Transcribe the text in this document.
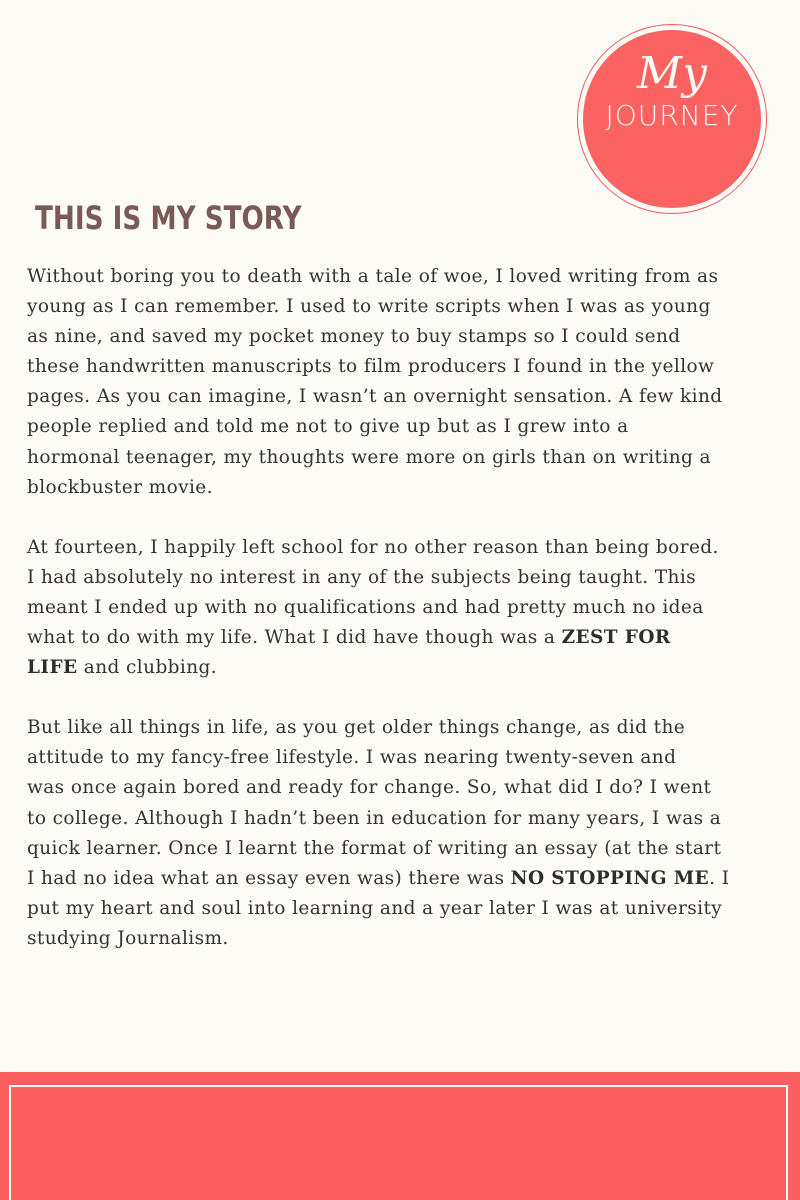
My
JOURNEY
THIS IS MY STORY

Without boring you to death with a tale of woe, I loved writing from as
young as I can remember. I used to write scripts when I was as young
as nine, and saved my pocket money to buy stamps so I could send
these handwritten manuscripts to film producers I found in the yellow
pages. As you can imagine, I wasn’t an overnight sensation. A few kind
people replied and told me not to give up but as I grew into a
hormonal teenager, my thoughts were more on girls than on writing a
blockbuster movie.

At fourteen, I happily left school for no other reason than being bored.
I had absolutely no interest in any of the subjects being taught. This
meant I ended up with no qualifications and had pretty much no idea
what to do with my life. What I did have though was a ZEST FOR
LIFE and clubbing.

But like all things in life, as you get older things change, as did the
attitude to my fancy-free lifestyle. I was nearing twenty-seven and
was once again bored and ready for change. So, what did I do? I went
to college. Although I hadn’t been in education for many years, I was a
quick learner. Once I learnt the format of writing an essay (at the start
I had no idea what an essay even was) there was NO STOPPING ME. I
put my heart and soul into learning and a year later I was at university
studying Journalism.
